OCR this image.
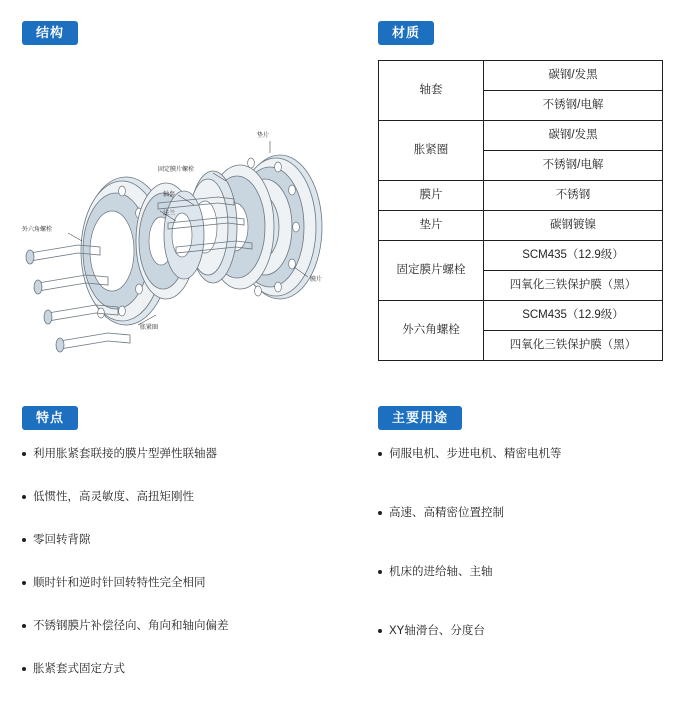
结构	材质
特点	主要用途
垫片
固定膜片螺栓
轴套
法兰
外六角螺栓
膜片
胀紧圈
轴套	碳钢/发黑
	不锈钢/电解
胀紧圈	碳钢/发黑
	不锈钢/电解
膜片	不锈钢
垫片	碳钢镀镍
固定膜片螺栓	SCM435（12.9级）
	四氧化三铁保护膜（黑）
外六角螺栓	SCM435（12.9级）
	四氧化三铁保护膜（黑）
利用胀紧套联接的膜片型弹性联轴器
低惯性，高灵敏度、高扭矩刚性
零回转背隙
顺时针和逆时针回转特性完全相同
不锈钢膜片补偿径向、角向和轴向偏差
胀紧套式固定方式
伺服电机、步进电机、精密电机等
高速、高精密位置控制
机床的进给轴、主轴
XY轴滑台、分度台
